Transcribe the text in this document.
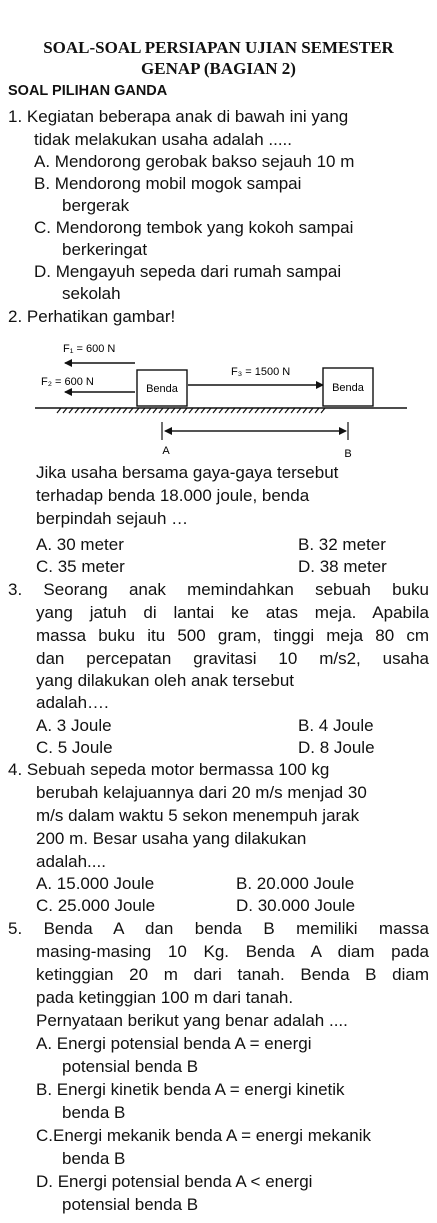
SOAL-SOAL PERSIAPAN UJIAN SEMESTER
GENAP (BAGIAN 2)
SOAL PILIHAN GANDA
1. Kegiatan beberapa anak di bawah ini yang
tidak melakukan usaha adalah .....
A. Mendorong gerobak bakso sejauh 10 m
B. Mendorong mobil mogok sampai
bergerak
C. Mendorong tembok yang kokoh sampai
berkeringat
D. Mengayuh sepeda dari rumah sampai
sekolah
2. Perhatikan gambar!
F₁ = 600 N
F₂ = 600 N
Benda
F₃ = 1500 N
Benda
A	B
Jika usaha bersama gaya-gaya tersebut
terhadap benda 18.000 joule, benda
berpindah sejauh …
A. 30 meter	B. 32 meter
C. 35 meter	D. 38 meter
3. Seorang anak memindahkan sebuah buku
yang jatuh di lantai ke atas meja. Apabila
massa buku itu 500 gram, tinggi meja 80 cm
dan percepatan gravitasi 10 m/s2, usaha
yang dilakukan oleh anak tersebut
adalah….
A. 3 Joule	B. 4 Joule
C. 5 Joule	D. 8 Joule
4. Sebuah sepeda motor bermassa 100 kg
berubah kelajuannya dari 20 m/s menjad 30
m/s dalam waktu 5 sekon menempuh jarak
200 m. Besar usaha yang dilakukan
adalah....
A. 15.000 Joule	B. 20.000 Joule
C. 25.000 Joule	D. 30.000 Joule
5. Benda A dan benda B memiliki massa
masing-masing 10 Kg. Benda A diam pada
ketinggian 20 m dari tanah. Benda B diam
pada ketinggian 100 m dari tanah.
Pernyataan berikut yang benar adalah ....
A. Energi potensial benda A = energi
potensial benda B
B. Energi kinetik benda A = energi kinetik
benda B
C.Energi mekanik benda A = energi mekanik
benda B
D. Energi potensial benda A < energi
potensial benda B
